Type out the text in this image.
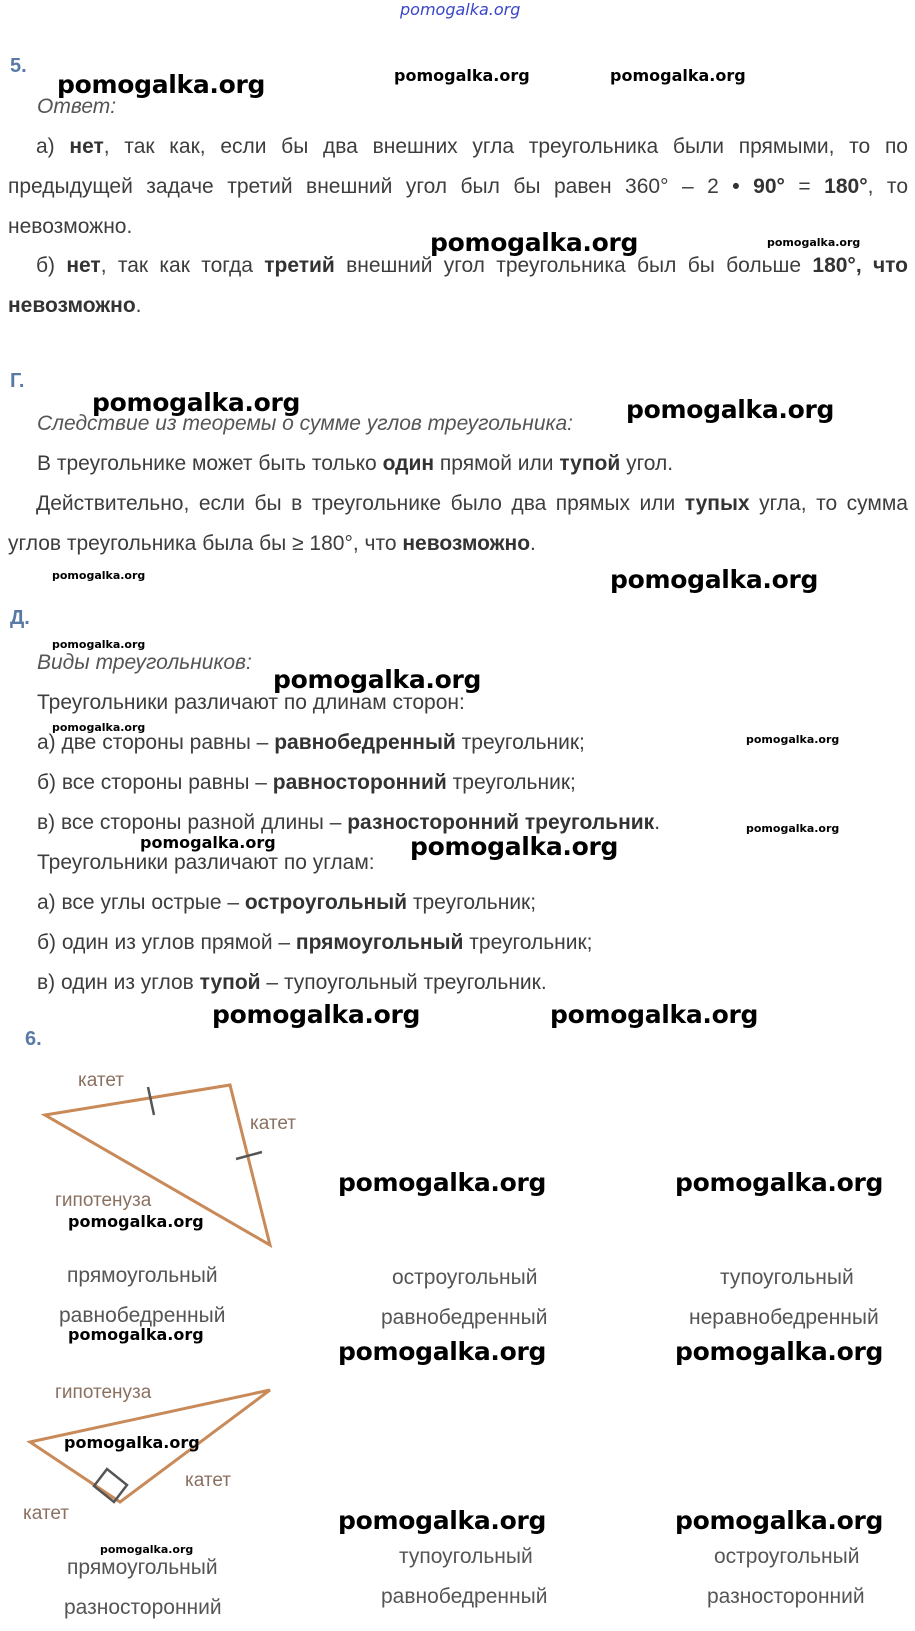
pomogalka.org
5.
Ответ:
а) нет, так как, если бы два внешних угла треугольника были прямыми, то по предыдущей задаче третий внешний угол был бы равен 360° – 2 • 90° = 180°, то невозможно.
б) нет, так как тогда третий внешний угол треугольника был бы больше 180°, что невозможно.
Г.
Следствие из теоремы о сумме углов треугольника:
В треугольнике может быть только один прямой или тупой угол.
Действительно, если бы в треугольнике было два прямых или тупых угла, то сумма углов треугольника была бы ≥ 180°, что невозможно.
Д.
Виды треугольников:
Треугольники различают по длинам сторон:
а) две стороны равны – равнобедренный треугольник;
б) все стороны равны – равносторонний треугольник;
в) все стороны разной длины – разносторонний треугольник.
Треугольники различают по углам:
а) все углы острые – остроугольный треугольник;
б) один из углов прямой – прямоугольный треугольник;
в) один из углов тупой – тупоугольный треугольник.
6.
катет
катет
гипотенуза
гипотенуза
катет
катет
прямоугольный
равнобедренный
остроугольный
равнобедренный
тупоугольный
неравнобедренный
прямоугольный
разносторонний
тупоугольный
равнобедренный
остроугольный
разносторонний
pomogalka.org	pomogalka.org	pomogalka.org
pomogalka.org	pomogalka.org
pomogalka.org	pomogalka.org
pomogalka.org	pomogalka.org
pomogalka.org
pomogalka.org
pomogalka.org
pomogalka.org
pomogalka.org
pomogalka.org	pomogalka.org
pomogalka.org	pomogalka.org
pomogalka.org	pomogalka.org
pomogalka.org
pomogalka.org
pomogalka.org	pomogalka.org
pomogalka.org
pomogalka.org	pomogalka.org
pomogalka.org
